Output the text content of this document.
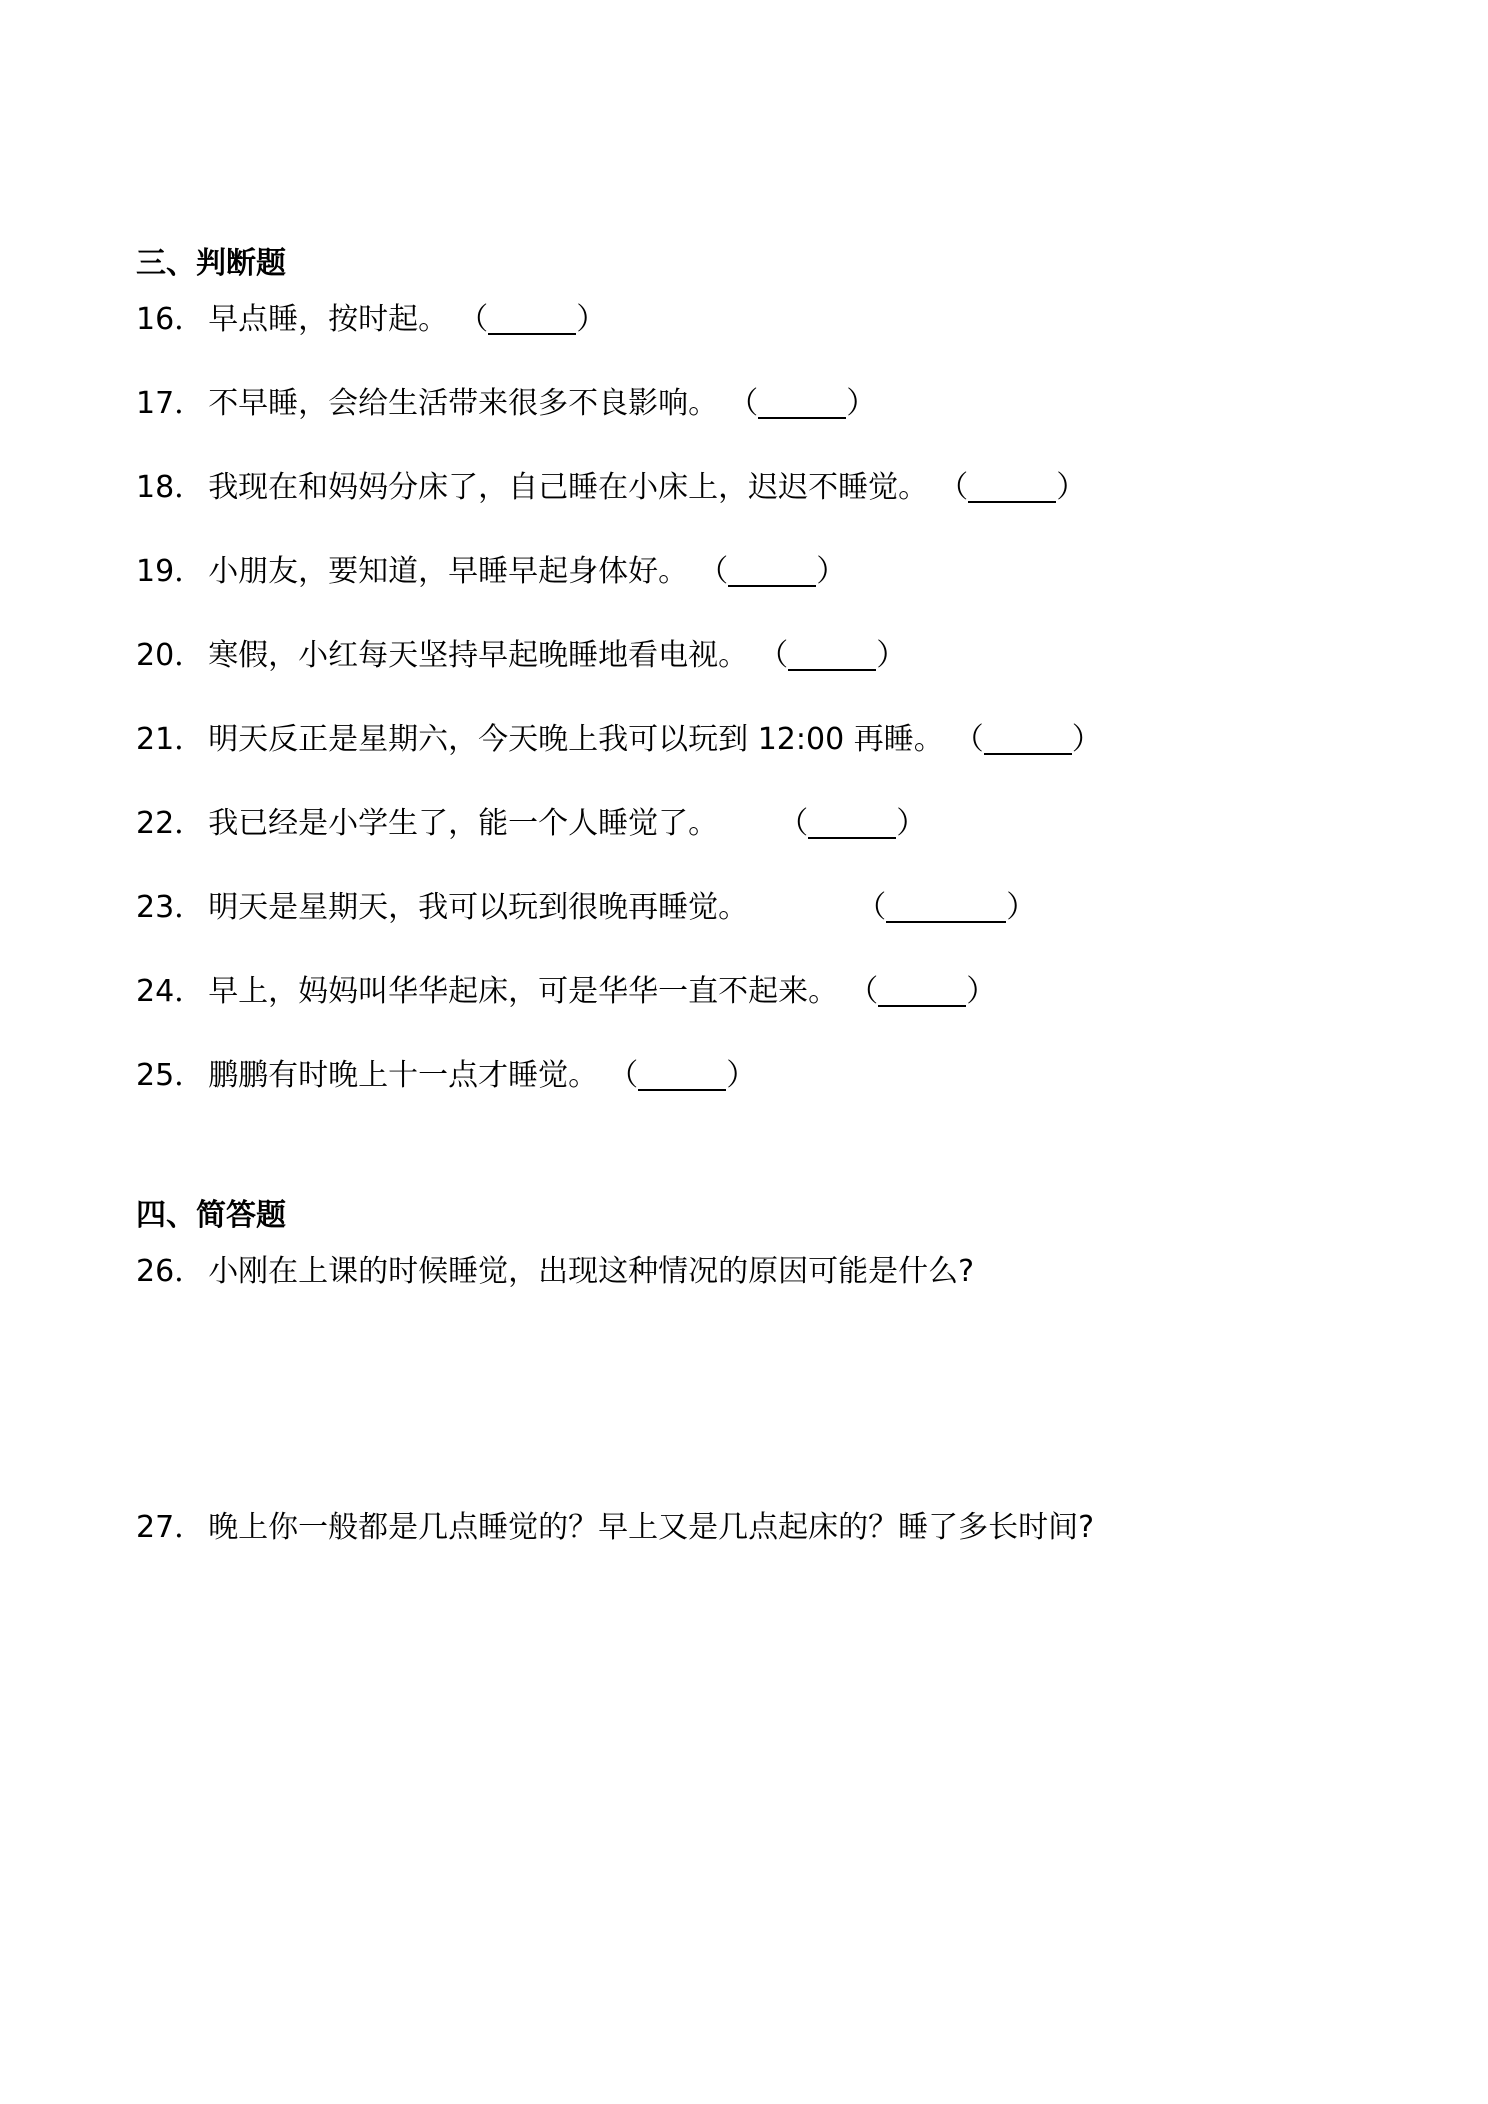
三、判断题
16． 早点睡，按时起。 （	）
17． 不早睡，会给生活带来很多不良影响。 （	）
18． 我现在和妈妈分床了，自己睡在小床上，迟迟不睡觉。 （	）
19． 小朋友，要知道，早睡早起身体好。 （	）
20． 寒假，小红每天坚持早起晚睡地看电视。 （	）
21． 明天反正是星期六，今天晚上我可以玩到 12:00 再睡。 （	）
22． 我已经是小学生了，能一个人睡觉了。 （	）
23． 明天是星期天，我可以玩到很晚再睡觉。	（	）
24． 早上，妈妈叫华华起床，可是华华一直不起来。 （	）
25． 鹏鹏有时晚上十一点才睡觉。 （	）
四、简答题
26． 小刚在上课的时候睡觉，出现这种情况的原因可能是什么?
27． 晚上你一般都是几点睡觉的？早上又是几点起床的？睡了多长时间?
